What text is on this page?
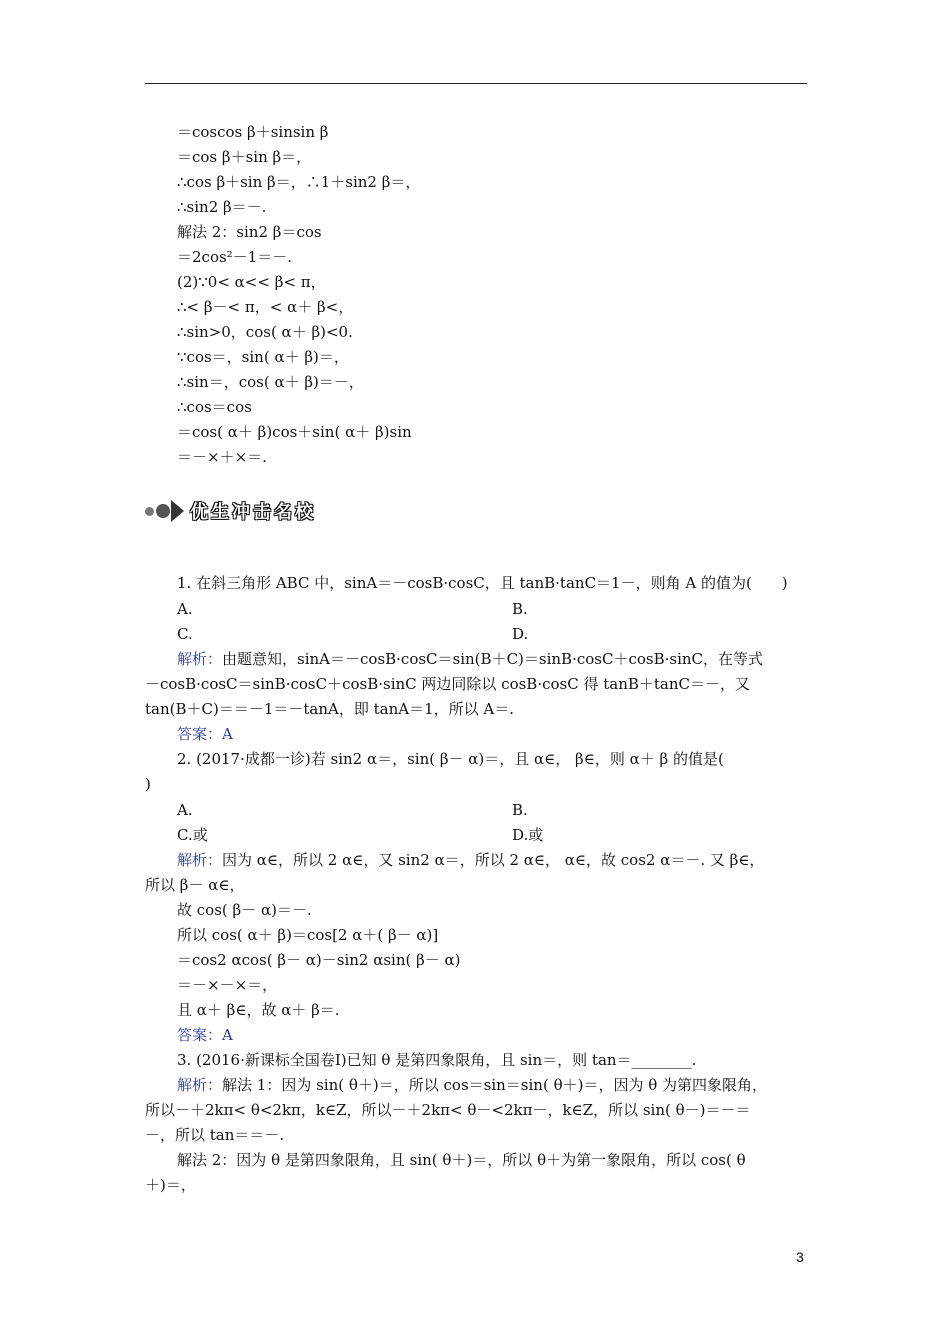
＝coscos β＋sinsin β
＝cos β＋sin β＝，
∴cos β＋sin β＝，∴1＋sin2 β＝，
∴sin2 β＝－.
解法 2：sin2 β＝cos
＝2cos²－1＝－.
(2)∵0< α<< β< π，
∴< β－< π，< α＋ β<，
∴sin>0，cos( α＋ β)<0.
∵cos＝，sin( α＋ β)＝，
∴sin＝，cos( α＋ β)＝－，
∴cos＝cos
＝cos( α＋ β)cos＋sin( α＋ β)sin
＝－×＋×＝.
优生冲击名校
1. 在斜三角形 ABC 中，sinA＝－cosB·cosC，且 tanB·tanC＝1－，则角 A 的值为(　　)
A.	B.
C.	D.
解析：由题意知，sinA＝－cosB·cosC＝sin(B＋C)＝sinB·cosC＋cosB·sinC，在等式
－cosB·cosC＝sinB·cosC＋cosB·sinC 两边同除以 cosB·cosC 得 tanB＋tanC＝－，又
tan(B＋C)＝＝－1＝－tanA，即 tanA＝1，所以 A＝.
答案：A
2. (2017·成都一诊)若 sin2 α＝，sin( β－ α)＝，且 α∈， β∈，则 α＋ β 的值是(
)
A.	B.
C.或	D.或
解析：因为 α∈，所以 2 α∈，又 sin2 α＝，所以 2 α∈， α∈，故 cos2 α＝－. 又 β∈，
所以 β－ α∈，
故 cos( β－ α)＝－.
所以 cos( α＋ β)＝cos[2 α＋( β－ α)]
＝cos2 αcos( β－ α)－sin2 αsin( β－ α)
＝－×－×＝，
且 α＋ β∈，故 α＋ β＝.
答案：A
3. (2016·新课标全国卷Ⅰ)已知 θ 是第四象限角，且 sin＝，则 tan＝________.
解析：解法 1：因为 sin( θ＋)＝，所以 cos＝sin＝sin( θ＋)＝，因为 θ 为第四象限角，
所以－＋2kπ< θ<2kπ，k∈Z，所以－＋2kπ< θ－<2kπ－，k∈Z，所以 sin( θ－)＝－＝
－，所以 tan＝＝－.
解法 2：因为 θ 是第四象限角，且 sin( θ＋)＝，所以 θ＋为第一象限角，所以 cos( θ
＋)＝，
3
